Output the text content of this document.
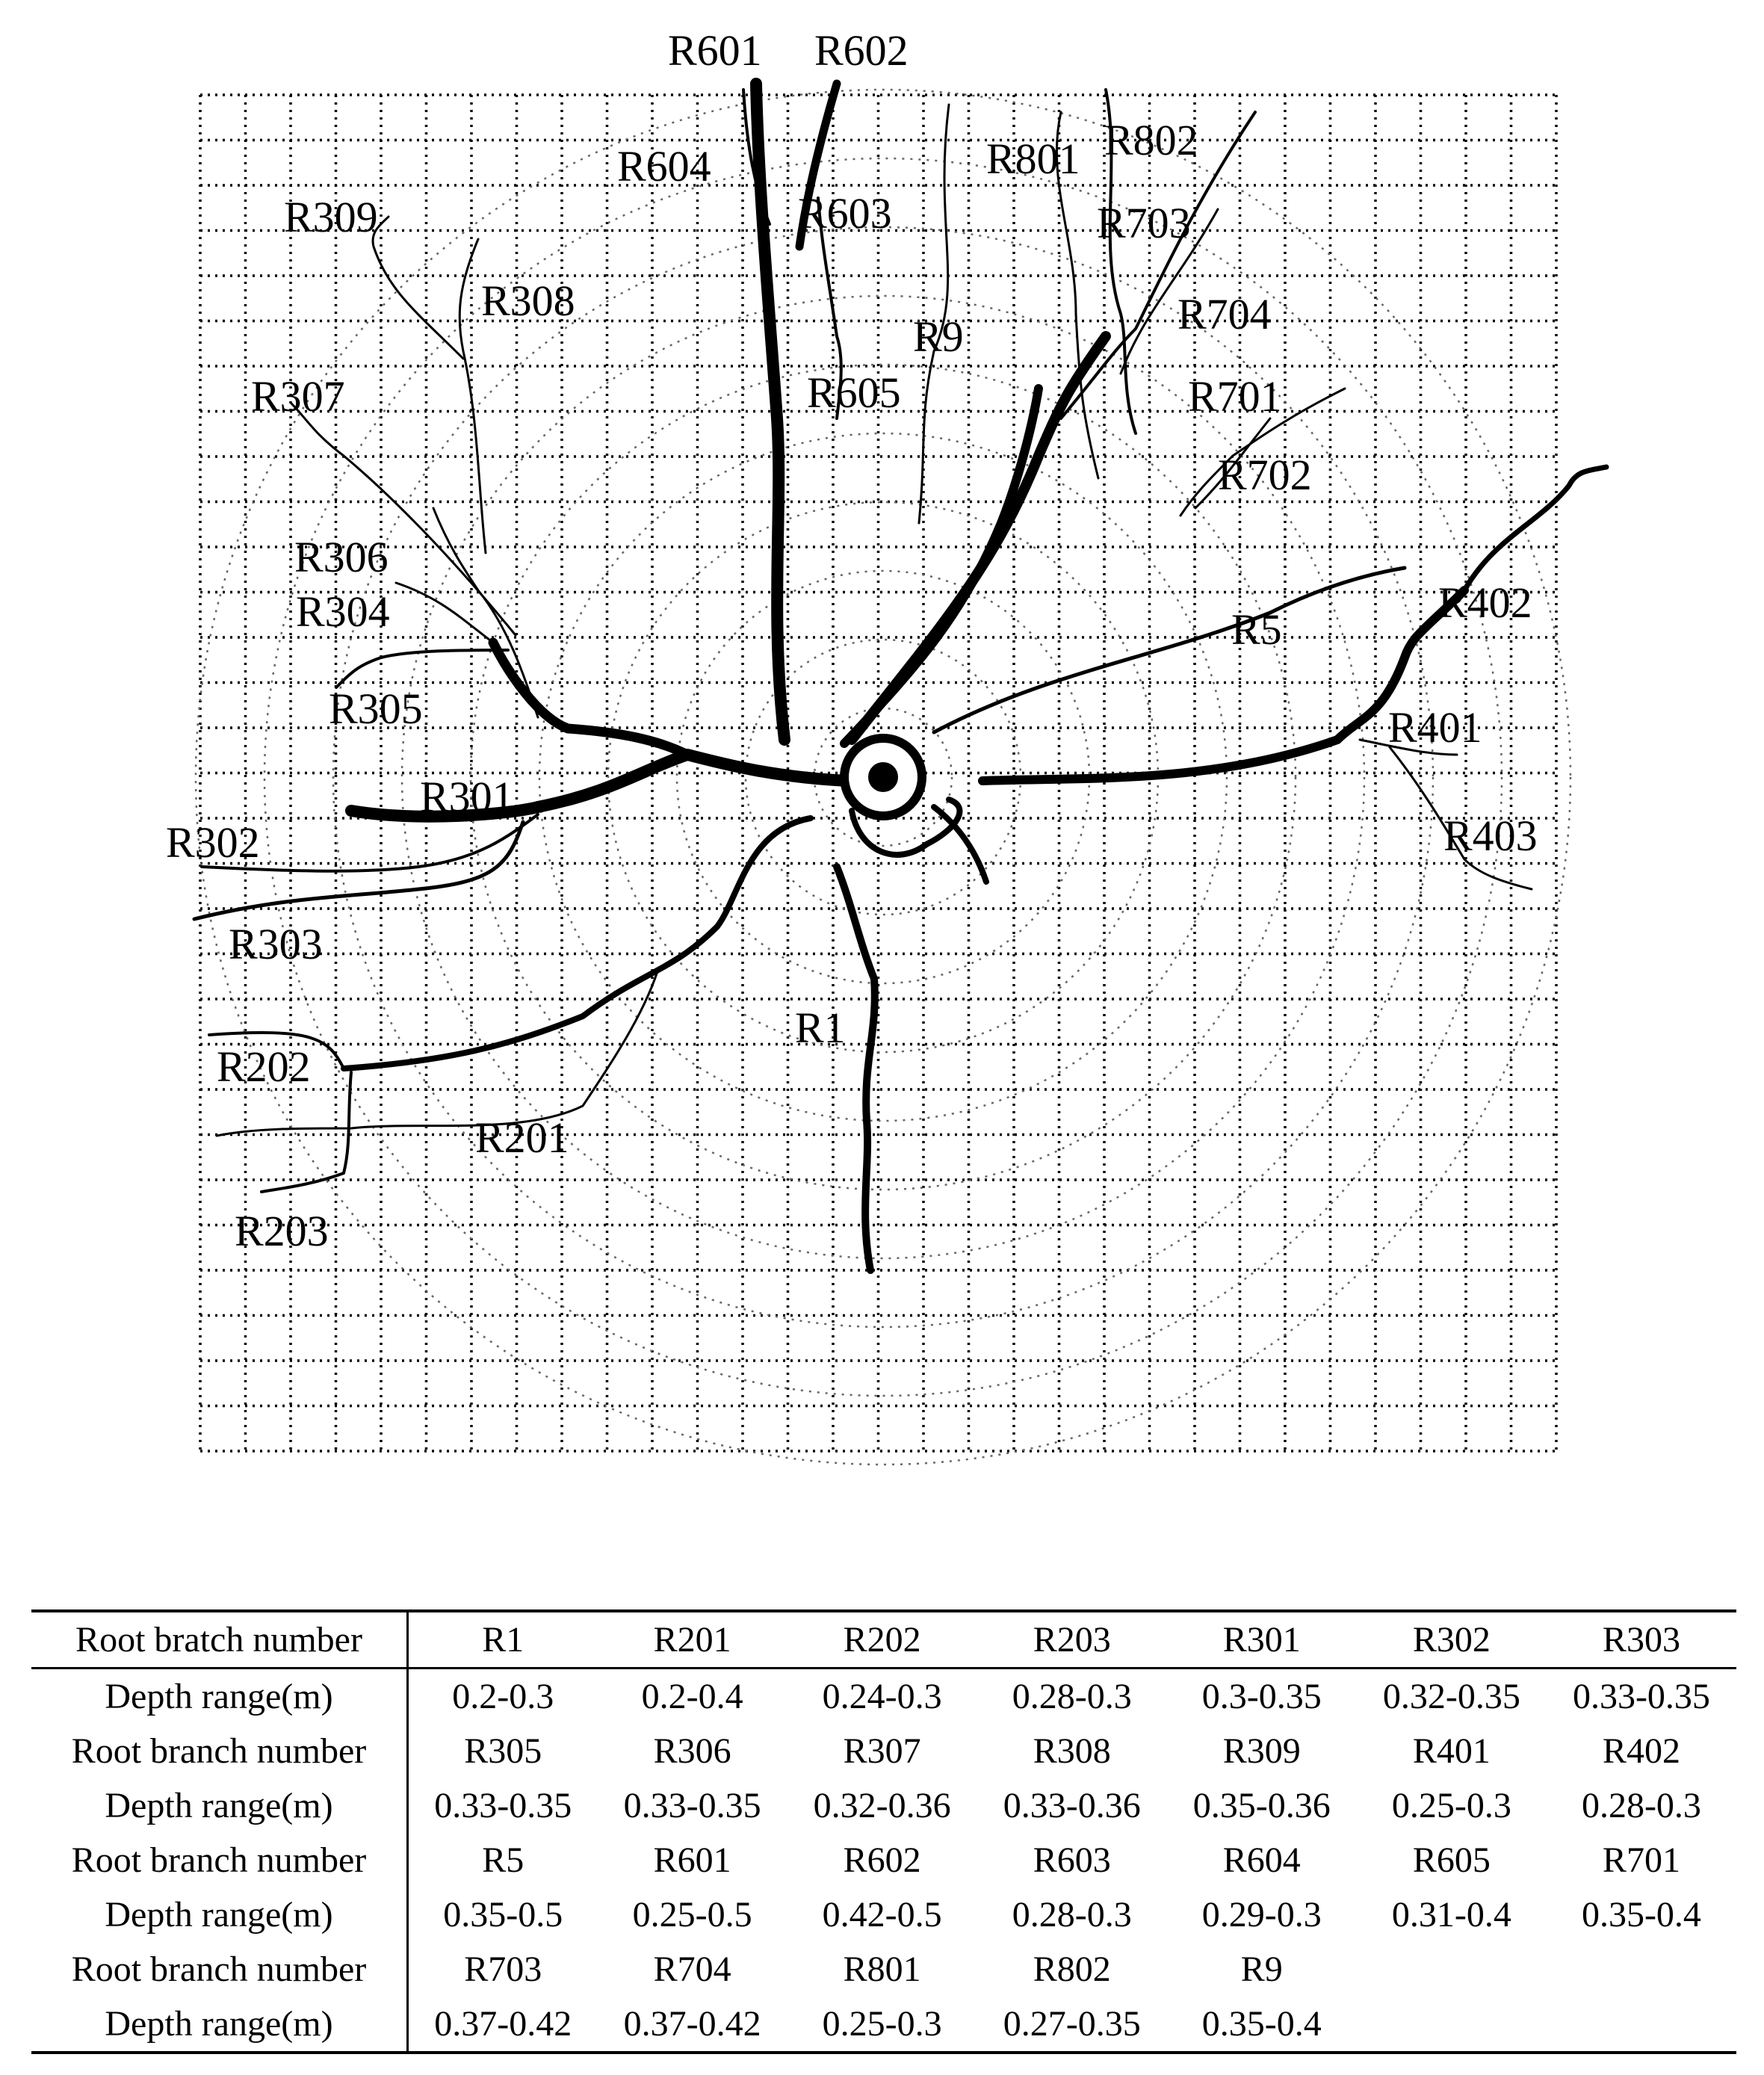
R601 R602
R604	R801 R802
R309	R603	R703
R308	R704
R9
R307	R605	R701
R702
R306
R304	R5
R402
R305	R401
R301
R302	R403
R303
R1
R202
R201
R203
Root bratch number	R1	R201	R202	R203	R301	R302	R303
Depth range(m)	0.2-0.3	0.2-0.4	0.24-0.3	0.28-0.3	0.3-0.35	0.32-0.35	0.33-0.35
Root branch number	R305	R306	R307	R308	R309	R401	R402
Depth range(m)	0.33-0.35	0.33-0.35	0.32-0.36	0.33-0.36	0.35-0.36	0.25-0.3	0.28-0.3
Root branch number	R5	R601	R602	R603	R604	R605	R701
Depth range(m)	0.35-0.5	0.25-0.5	0.42-0.5	0.28-0.3	0.29-0.3	0.31-0.4	0.35-0.4
Root branch number	R703	R704	R801	R802	R9		
Depth range(m)	0.37-0.42	0.37-0.42	0.25-0.3	0.27-0.35	0.35-0.4		
